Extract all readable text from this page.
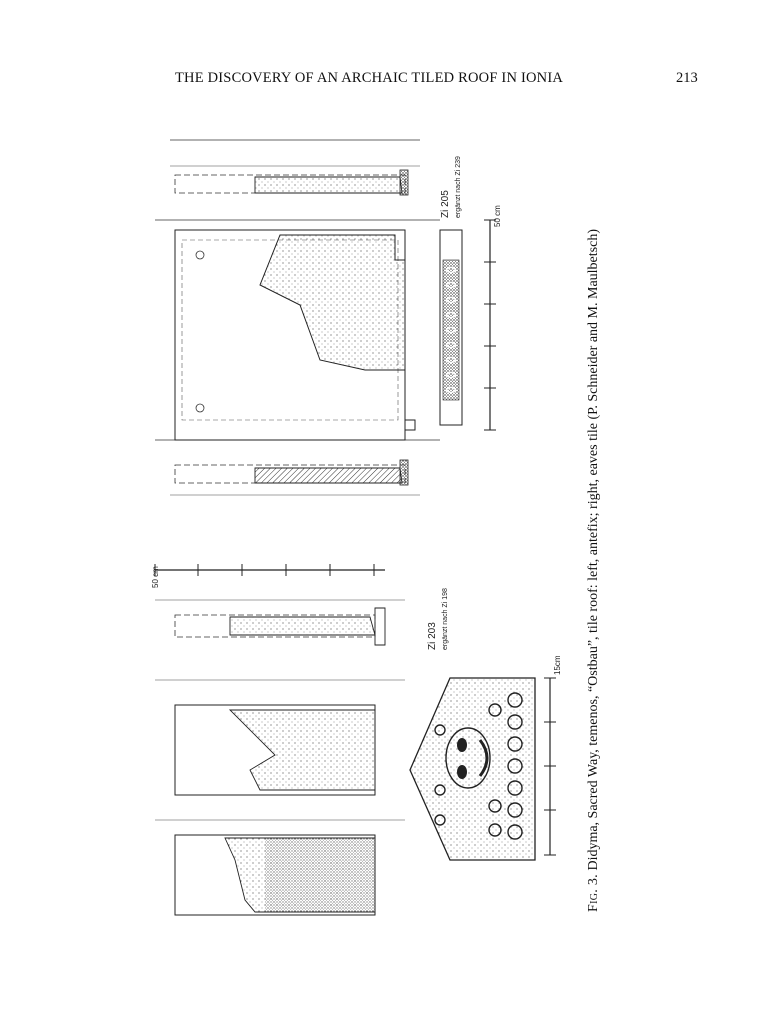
THE DISCOVERY OF AN ARCHAIC TILED ROOF IN IONIA	213
50 cm
Zi 205 ergänzt nach Zi 239
50 cm
Zi 203 ergänzt nach Zi 198
15cm
Fig. 3. Didyma, Sacred Way, temenos, “Ostbau”, tile roof: left, antefix; right, eaves tile (P. Schneider and M. Maulbetsch)
